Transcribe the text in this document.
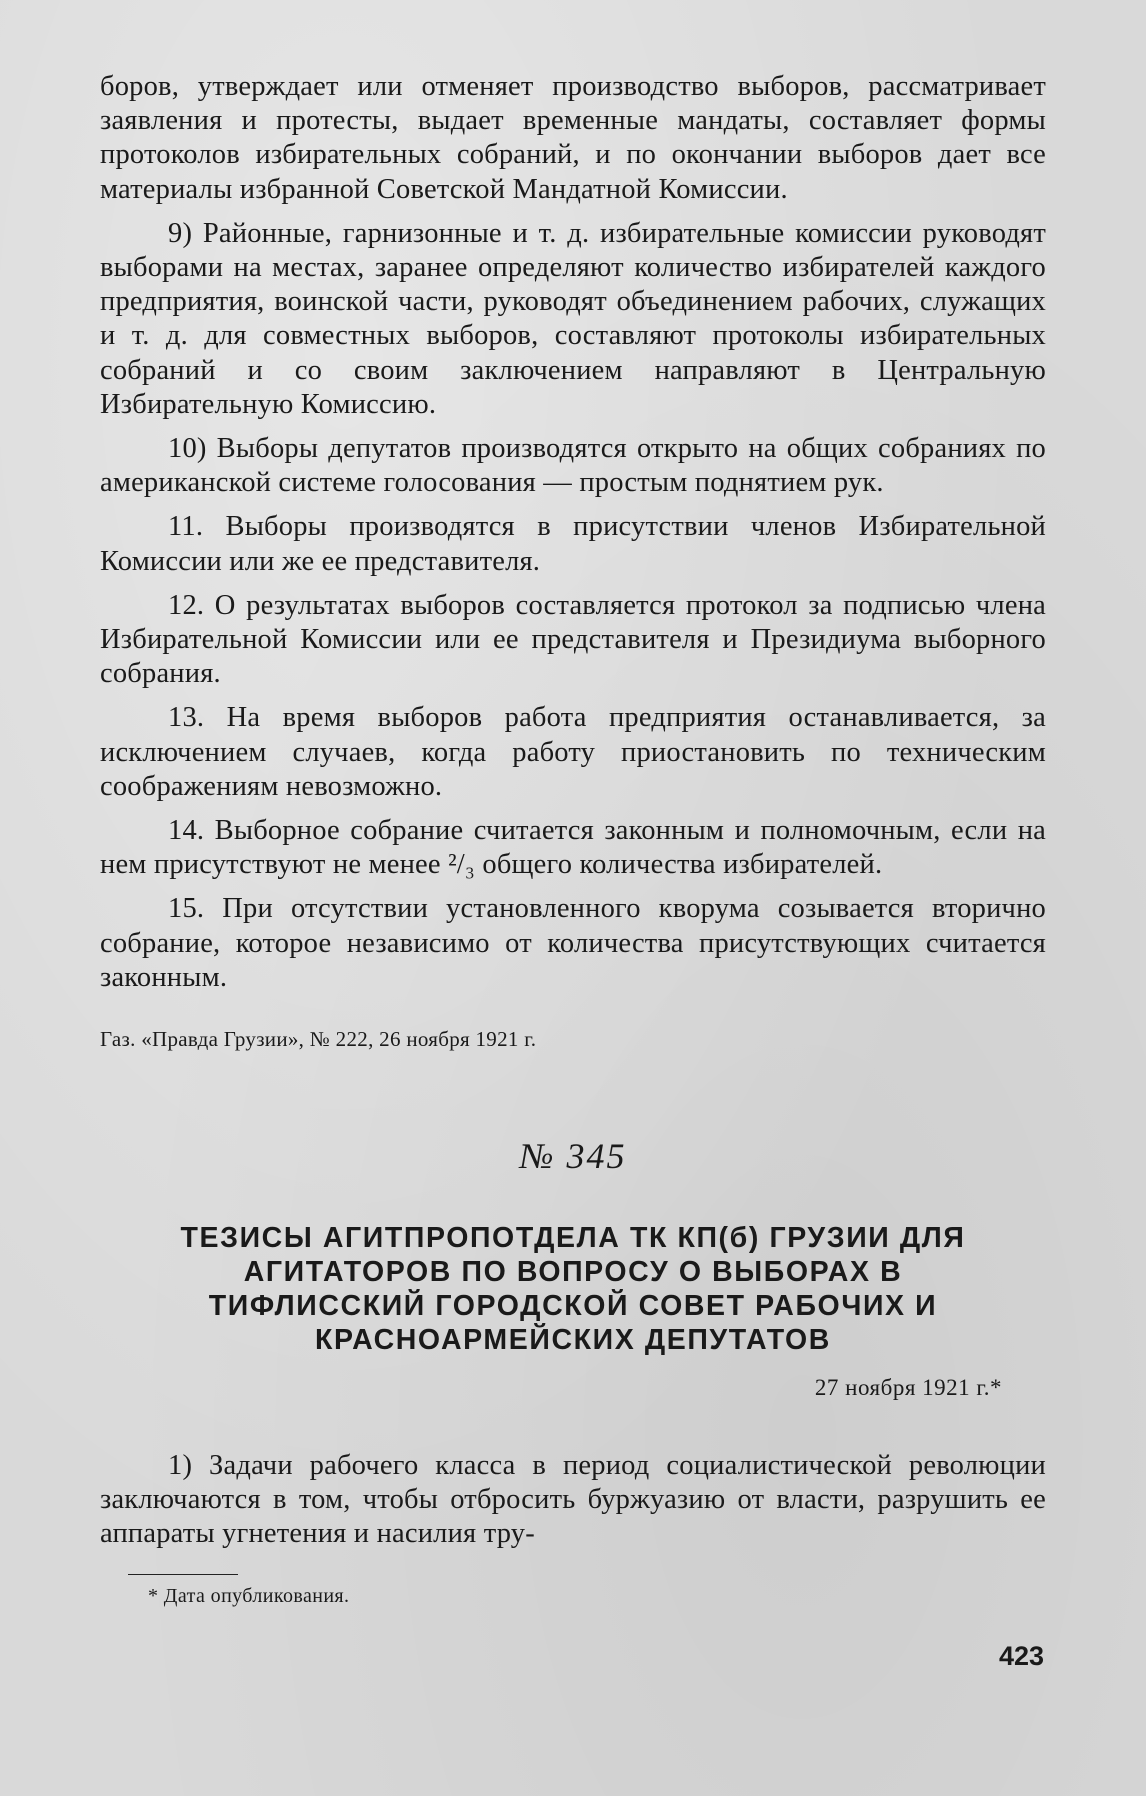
боров, утверждает или отменяет производство выборов, рассматривает заявления и протесты, выдает временные мандаты, составляет формы протоколов избирательных собраний, и по окончании выборов дает все материалы избранной Советской Мандатной Комиссии.

9) Районные, гарнизонные и т. д. избирательные комиссии руководят выборами на местах, заранее определяют количество избирателей каждого предприятия, воинской части, руководят объединением рабочих, служащих и т. д. для совместных выборов, составляют протоколы избирательных собраний и со своим заключением направляют в Центральную Избирательную Комиссию.

10) Выборы депутатов производятся открыто на общих собраниях по американской системе голосования — простым поднятием рук.

11. Выборы производятся в присутствии членов Избирательной Комиссии или же ее представителя.

12. О результатах выборов составляется протокол за подписью члена Избирательной Комиссии или ее представителя и Президиума выборного собрания.

13. На время выборов работа предприятия останавливается, за исключением случаев, когда работу приостановить по техническим соображениям невозможно.

14. Выборное собрание считается законным и полномочным, если на нем присутствуют не менее ²/₃ общего количества избирателей.

15. При отсутствии установленного кворума созывается вторично собрание, которое независимо от количества присутствующих считается законным.

Газ. «Правда Грузии», № 222, 26 ноября 1921 г.

№ 345

ТЕЗИСЫ АГИТПРОПОТДЕЛА ТК КП(б) ГРУЗИИ ДЛЯ
АГИТАТОРОВ ПО ВОПРОСУ О ВЫБОРАХ В
ТИФЛИССКИЙ ГОРОДСКОЙ СОВЕТ РАБОЧИХ И
КРАСНОАРМЕЙСКИХ ДЕПУТАТОВ

27 ноября 1921 г.*

1) Задачи рабочего класса в период социалистической революции заключаются в том, чтобы отбросить буржуазию от власти, разрушить ее аппараты угнетения и насилия тру-

* Дата опубликования.

423
